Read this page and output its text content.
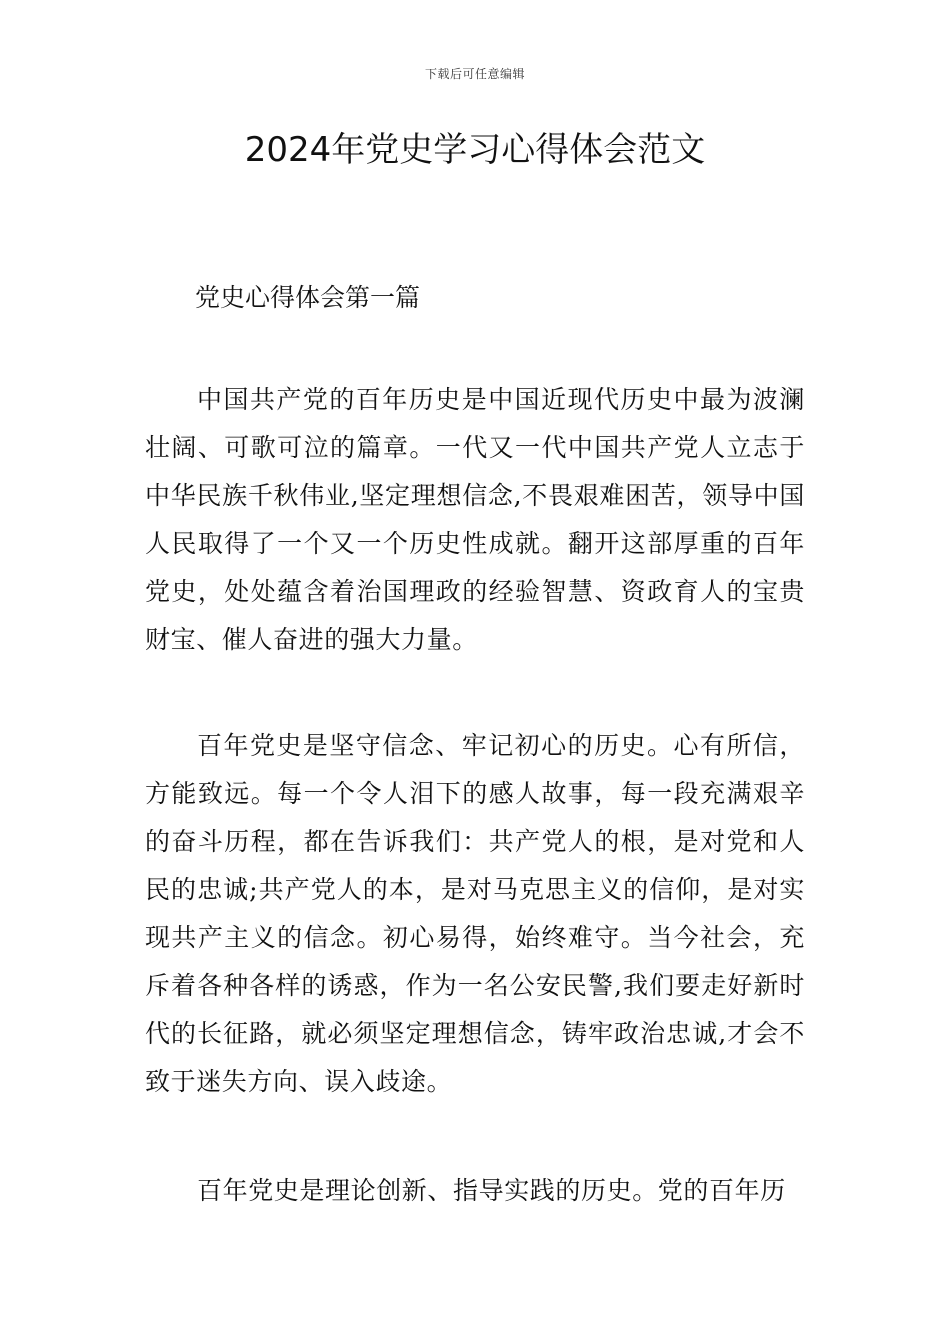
下载后可任意编辑
2024年党史学习心得体会范文
党史心得体会第一篇

中国共产党的百年历史是中国近现代历史中最为波澜壮阔、可歌可泣的篇章。一代又一代中国共产党人立志于中华民族千秋伟业,坚定理想信念,不畏艰难困苦，领导中国人民取得了一个又一个历史性成就。翻开这部厚重的百年党史，处处蕴含着治国理政的经验智慧、资政育人的宝贵财宝、催人奋进的强大力量。

百年党史是坚守信念、牢记初心的历史。心有所信，方能致远。每一个令人泪下的感人故事，每一段充满艰辛的奋斗历程，都在告诉我们：共产党人的根，是对党和人民的忠诚;共产党人的本，是对马克思主义的信仰，是对实现共产主义的信念。初心易得，始终难守。当今社会，充斥着各种各样的诱惑，作为一名公安民警,我们要走好新时代的长征路，就必须坚定理想信念，铸牢政治忠诚,才会不致于迷失方向、误入歧途。

百年党史是理论创新、指导实践的历史。党的百年历
